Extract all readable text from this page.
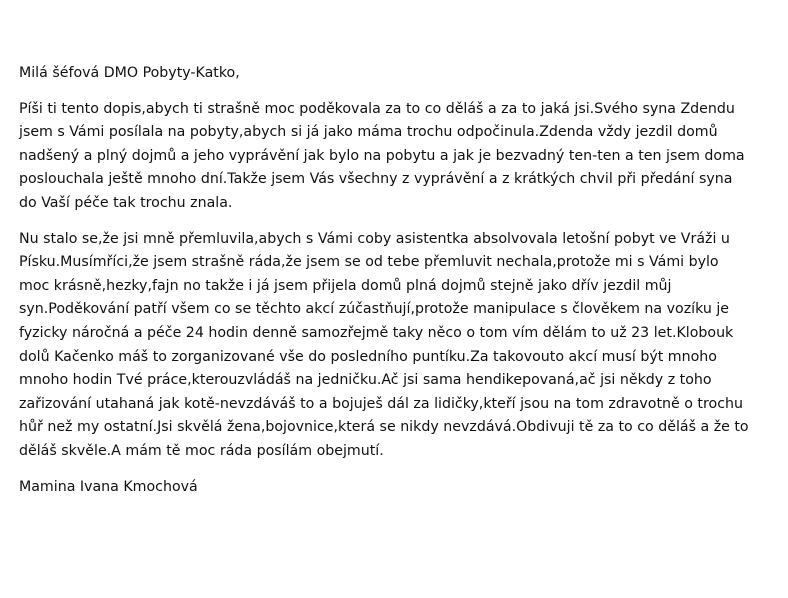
Milá šéfová DMO Pobyty-Katko,
Píši ti tento dopis,abych ti strašně moc poděkovala za to co děláš a za to jaká jsi.Svého syna Zdendu
jsem s Vámi posílala na pobyty,abych si já jako máma trochu odpočinula.Zdenda vždy jezdil domů
nadšený a plný dojmů a jeho vyprávění jak bylo na pobytu a jak je bezvadný ten-ten a ten jsem doma
poslouchala ještě mnoho dní.Takže jsem Vás všechny z vyprávění a z krátkých chvil při předání syna
do Vaší péče tak trochu znala.
Nu stalo se,že jsi mně přemluvila,abych s Vámi coby asistentka absolvovala letošní pobyt ve Vráži u
Písku.Musímříci,že jsem strašně ráda,že jsem se od tebe přemluvit nechala,protože mi s Vámi bylo
moc krásně,hezky,fajn no takže i já jsem přijela domů plná dojmů stejně jako dřív jezdil můj
syn.Poděkování patří všem co se těchto akcí zúčastňují,protože manipulace s člověkem na vozíku je
fyzicky náročná a péče 24 hodin denně samozřejmě taky něco o tom vím dělám to už 23 let.Klobouk
dolů Kačenko máš to zorganizované vše do posledního puntíku.Za takovouto akcí musí být mnoho
mnoho hodin Tvé práce,kterouzvládáš na jedničku.Ač jsi sama hendikepovaná,ač jsi někdy z toho
zařizování utahaná jak kotě-nevzdáváš to a bojuješ dál za lidičky,kteří jsou na tom zdravotně o trochu
hůř než my ostatní.Jsi skvělá žena,bojovnice,která se nikdy nevzdává.Obdivuji tě za to co děláš a že to
děláš skvěle.A mám tě moc ráda posílám obejmutí.
Mamina Ivana Kmochová
